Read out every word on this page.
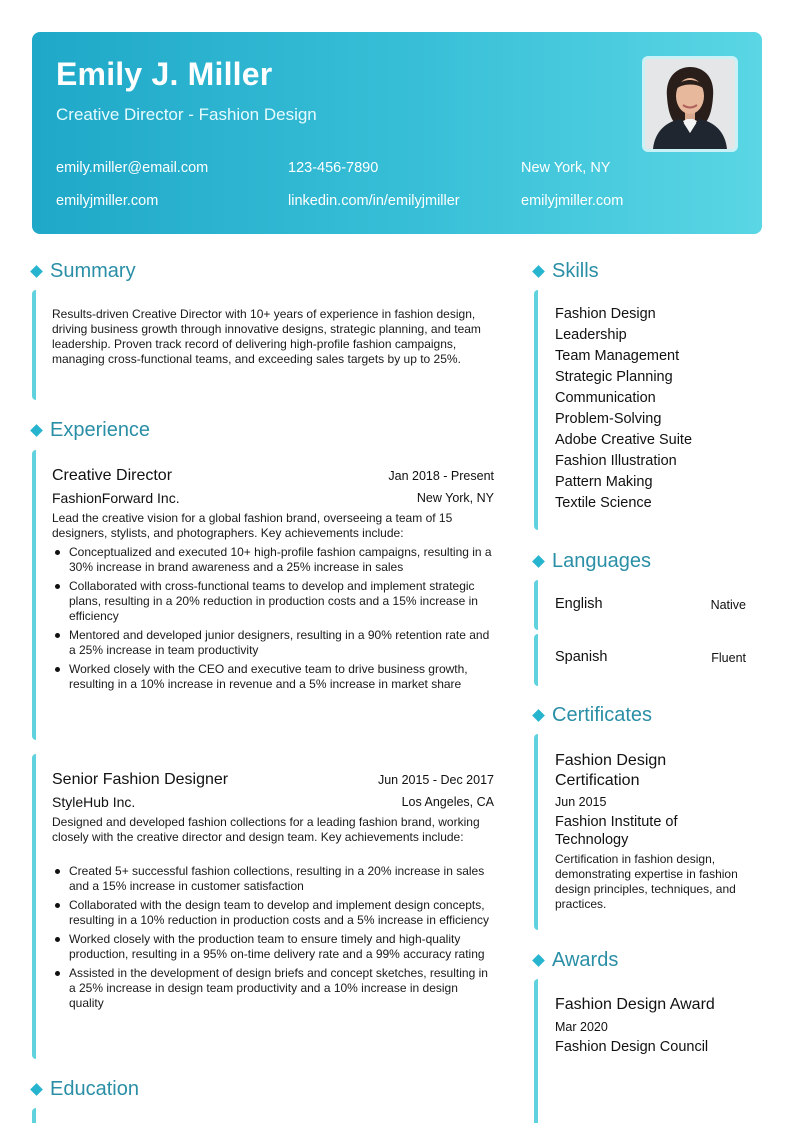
Emily J. Miller
Creative Director - Fashion Design
emily.miller@email.com	123-456-7890	New York, NY
emilyjmiller.com	linkedin.com/in/emilyjmiller	emilyjmiller.com
Summary
Results-driven Creative Director with 10+ years of experience in fashion design, driving business growth through innovative designs, strategic planning, and team leadership. Proven track record of delivering high-profile fashion campaigns, managing cross-functional teams, and exceeding sales targets by up to 25%.
Experience
Creative Director	Jan 2018 - Present
FashionForward Inc.	New York, NY
Lead the creative vision for a global fashion brand, overseeing a team of 15 designers, stylists, and photographers. Key achievements include:
Conceptualized and executed 10+ high-profile fashion campaigns, resulting in a 30% increase in brand awareness and a 25% increase in sales
Collaborated with cross-functional teams to develop and implement strategic plans, resulting in a 20% reduction in production costs and a 15% increase in efficiency
Mentored and developed junior designers, resulting in a 90% retention rate and a 25% increase in team productivity
Worked closely with the CEO and executive team to drive business growth, resulting in a 10% increase in revenue and a 5% increase in market share
Senior Fashion Designer	Jun 2015 - Dec 2017
StyleHub Inc.	Los Angeles, CA
Designed and developed fashion collections for a leading fashion brand, working closely with the creative director and design team. Key achievements include:
Created 5+ successful fashion collections, resulting in a 20% increase in sales and a 15% increase in customer satisfaction
Collaborated with the design team to develop and implement design concepts, resulting in a 10% reduction in production costs and a 5% increase in efficiency
Worked closely with the production team to ensure timely and high-quality production, resulting in a 95% on-time delivery rate and a 99% accuracy rating
Assisted in the development of design briefs and concept sketches, resulting in a 25% increase in design team productivity and a 10% increase in design quality
Education
Skills
Fashion Design
Leadership
Team Management
Strategic Planning
Communication
Problem-Solving
Adobe Creative Suite
Fashion Illustration
Pattern Making
Textile Science
Languages
English	Native
Spanish	Fluent
Certificates
Fashion Design Certification
Jun 2015
Fashion Institute of Technology
Certification in fashion design, demonstrating expertise in fashion design principles, techniques, and practices.
Awards
Fashion Design Award
Mar 2020
Fashion Design Council
